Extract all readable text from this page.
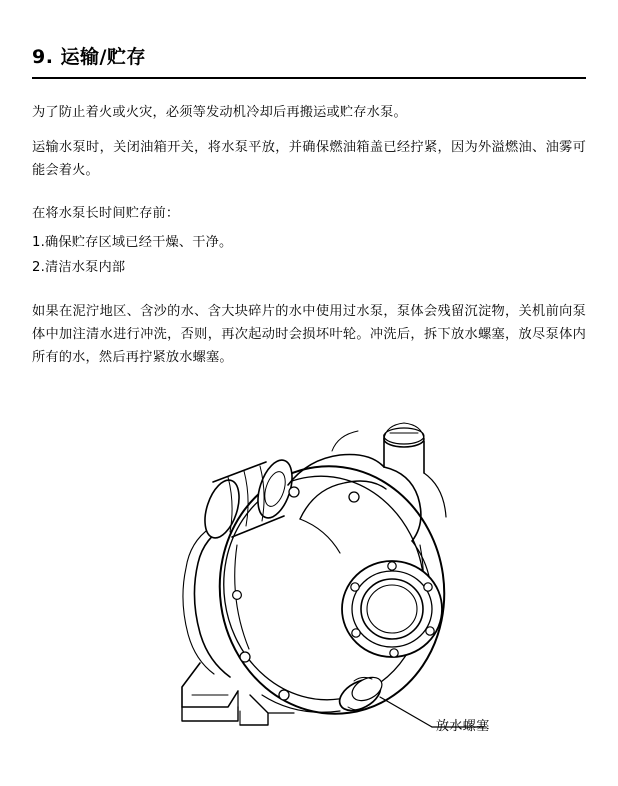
9. 运输/贮存

为了防止着火或火灾，必须等发动机冷却后再搬运或贮存水泵。

运输水泵时，关闭油箱开关，将水泵平放，并确保燃油箱盖已经拧紧，因为外溢燃油、油雾可能会着火。

在将水泵长时间贮存前：

1.确保贮存区域已经干燥、干净。

2.清洁水泵内部

如果在泥泞地区、含沙的水、含大块碎片的水中使用过水泵，泵体会残留沉淀物，关机前向泵体中加注清水进行冲洗，否则，再次起动时会损坏叶轮。冲洗后，拆下放水螺塞，放尽泵体内所有的水，然后再拧紧放水螺塞。

放水螺塞
